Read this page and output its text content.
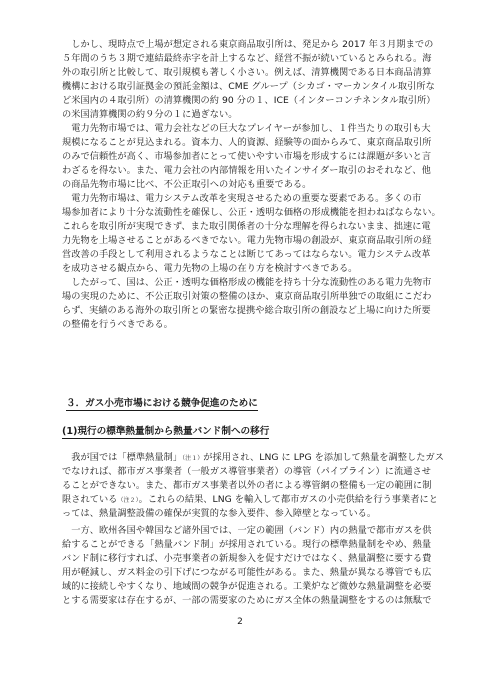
　しかし、現時点で上場が想定される東京商品取引所は、発足から 2017 年３月期までの

５年間のうち３期で連結最終赤字を計上するなど、経営不振が続いているとみられる。海

外の取引所と比較して、取引規模も著しく小さい。例えば、清算機関である日本商品清算

機構における取引証拠金の預託金額は、CME グループ（シカゴ・マーカンタイル取引所な

ど米国内の４取引所）の清算機関の約 90 分の１、ICE（インターコンチネンタル取引所）

の米国清算機関の約９分の１に過ぎない。

　電力先物市場では、電力会社などの巨大なプレイヤーが参加し、１件当たりの取引も大

規模になることが見込まれる。資本力、人的資源、経験等の面からみて、東京商品取引所

のみで信頼性が高く、市場参加者にとって使いやすい市場を形成するには課題が多いと言

わざるを得ない。また、電力会社の内部情報を用いたインサイダー取引のおそれなど、他

の商品先物市場に比べ、不公正取引への対応も重要である。

　電力先物市場は、電力システム改革を実現させるための重要な要素である。多くの市

場参加者により十分な流動性を確保し、公正・透明な価格の形成機能を担わねばならない。

これらを取引所が実現できず、また取引関係者の十分な理解を得られないまま、拙速に電

力先物を上場させることがあるべきでない。電力先物市場の創設が、東京商品取引所の経

営改善の手段として利用されるようなことは断じてあってはならない。電力システム改革

を成功させる観点から、電力先物の上場の在り方を検討すべきである。

　したがって、国は、公正・透明な価格形成の機能を持ち十分な流動性のある電力先物市

場の実現のために、不公正取引対策の整備のほか、東京商品取引所単独での取組にこだわ

らず、実績のある海外の取引所との緊密な提携や総合取引所の創設など上場に向けた所要

の整備を行うべきである。

３．ガス小売市場における競争促進のために
(1)現行の標準熱量制から熱量バンド制への移行

　我が国では「標準熱量制」（注１）が採用され、LNG に LPG を添加して熱量を調整したガス

でなければ、都市ガス事業者（一般ガス導管事業者）の導管（パイプライン）に流通させ

ることができない。また、都市ガス事業者以外の者による導管網の整備も一定の範囲に制

限されている（注２）。これらの結果、LNG を輸入して都市ガスの小売供給を行う事業者にと

っては、熱量調整設備の確保が実質的な参入要件、参入障壁となっている。

　一方、欧州各国や韓国など諸外国では、一定の範囲（バンド）内の熱量で都市ガスを供

給することができる「熱量バンド制」が採用されている。現行の標準熱量制をやめ、熱量

バンド制に移行すれば、小売事業者の新規参入を促すだけではなく、熱量調整に要する費

用が軽減し、ガス料金の引下げにつながる可能性がある。また、熱量が異なる導管でも広

域的に接続しやすくなり、地域間の競争が促進される。工業炉など微妙な熱量調整を必要

とする需要家は存在するが、一部の需要家のためにガス全体の熱量調整をするのは無駄で

2
